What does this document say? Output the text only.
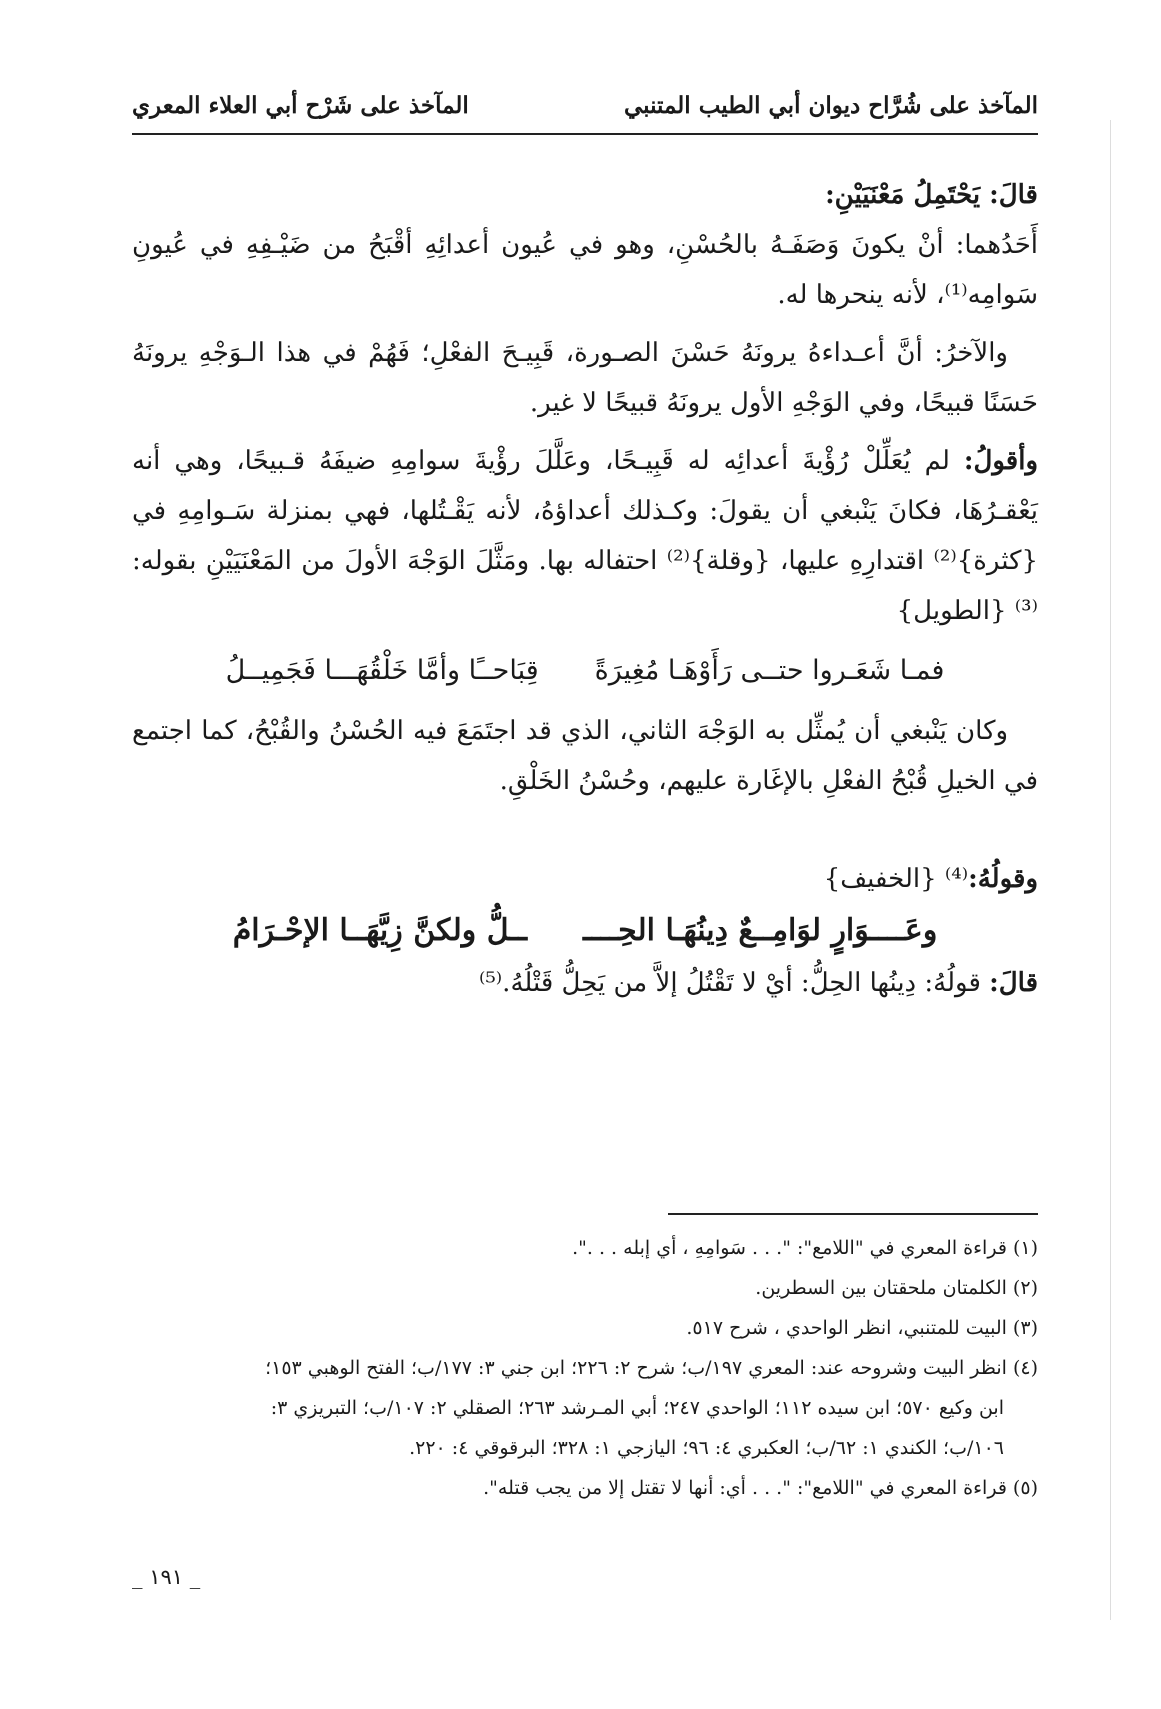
المآخذ على شُرَّاح ديوان أبي الطيب المتنبي
المآخذ على شَرْح أبي العلاء المعري

قالَ: يَحْتَمِلُ مَعْنَيَيْنِ:

أَحَدُهما: أنْ يكونَ وَصَفَـهُ بالحُسْنِ، وهو في عُيون أعدائِهِ أقْبَحُ من ضَيْـفِهِ في عُيونِ سَوامِه⁽¹⁾، لأنه ينحرها له.

والآخرُ: أنَّ أعـداءهُ يرونَهُ حَسْنَ الصـورة، قَبِيـحَ الفعْلِ؛ فَهُمْ في هذا الـوَجْهِ يرونَهُ حَسَنًا قبيحًا، وفي الوَجْهِ الأول يرونَهُ قبيحًا لا غير.

وأقولُ: لم يُعَلِّلْ رُؤْيةَ أعدائِه له قَبِيـحًا، وعَلَّلَ رؤْيةَ سوامِهِ ضيفَهُ قـبيحًا، وهي أنه يَعْقـرُهَا، فكانَ يَنْبغي أن يقولَ: وكـذلك أعداؤهُ، لأنه يَقْـتُلها، فهي بمنزلة سَـوامِهِ في {كثرة}⁽²⁾ اقتدارِهِ عليها، {وقلة}⁽²⁾ احتفاله بها. ومَثَّلَ الوَجْهَ الأولَ من المَعْنَيَيْنِ بقوله:⁽³⁾ {الطويل}

فمـا شَعَـروا حتــى رَأَوْهَـا مُغِيرَةً
قِبَاحــًا وأمَّا خَلْقُهَـــا فَجَمِيــلُ

وكان يَنْبغي أن يُمثِّل به الوَجْهَ الثاني، الذي قد اجتَمَعَ فيه الحُسْنُ والقُبْحُ، كما اجتمع في الخيلِ قُبْحُ الفعْلِ بالإغَارة عليهم، وحُسْنُ الخَلْقِ.

وقولُهُ:⁽⁴⁾ {الخفيف}

وعَــــوَارٍ لوَامِــعٌ دِينُهَـا الحِــــ
ــلُّ ولكنَّ زِيَّهَــا الإحْـرَامُ

قالَ: قولُهُ: دِينُها الحِلُّ: أيْ لا تَقْتُلُ إلاَّ من يَحِلُّ قَتْلُهُ.⁽⁵⁾

(١) قراءة المعري في "اللامع": ". . . سَوامِهِ ، أي إبله . . .".

(٢) الكلمتان ملحقتان بين السطرين.

(٣) البيت للمتنبي، انظر الواحدي ، شرح ٥١٧.

(٤) انظر البيت وشروحه عند: المعري ١٩٧/ب؛ شرح ٢: ٢٢٦؛ ابن جني ٣: ١٧٧/ب؛ الفتح الوهبي ١٥٣؛

ابن وكيع ٥٧٠؛ ابن سيده ١١٢؛ الواحدي ٢٤٧؛ أبي المـرشد ٢٦٣؛ الصقلي ٢: ١٠٧/ب؛ التبريزي ٣:

١٠٦/ب؛ الكندي ١: ٦٢/ب؛ العكبري ٤: ٩٦؛ اليازجي ١: ٣٢٨؛ البرقوقي ٤: ٢٢٠.

(٥) قراءة المعري في "اللامع": ". . . أي: أنها لا تقتل إلا من يجب قتله".

_ ١٩١ _
